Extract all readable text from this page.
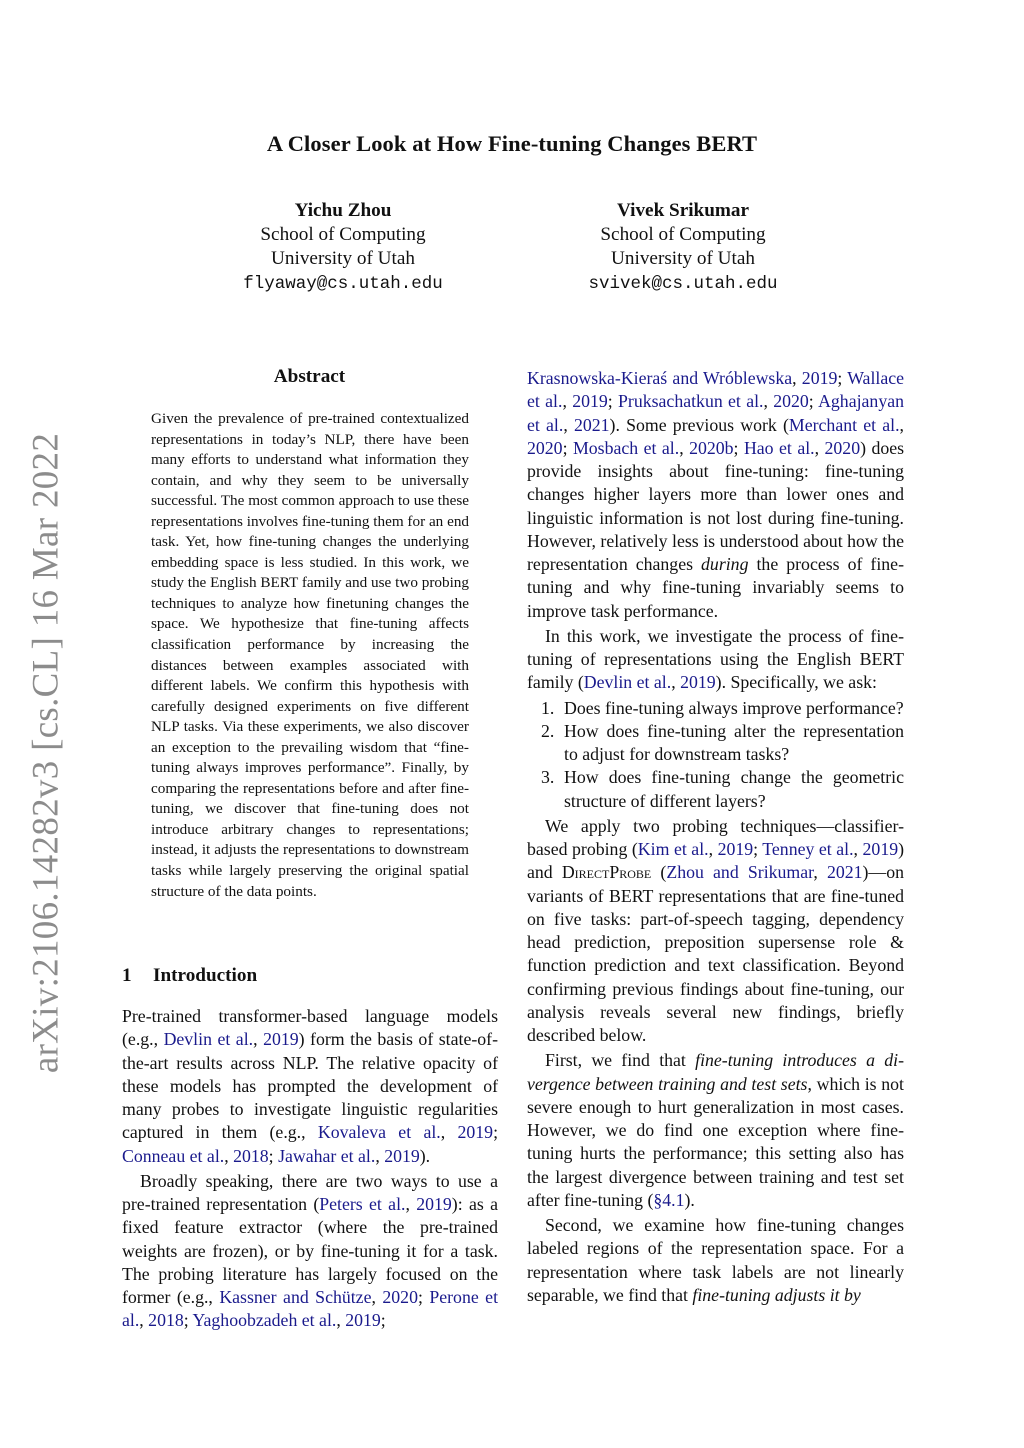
arXiv:2106.14282v3 [cs.CL] 16 Mar 2022
A Closer Look at How Fine-tuning Changes BERT
Yichu Zhou
School of Computing
University of Utah
flyaway@cs.utah.edu
Vivek Srikumar
School of Computing
University of Utah
svivek@cs.utah.edu
Abstract
Given the prevalence of pre-trained contextualized representations in today’s NLP, there have been many efforts to understand what information they contain, and why they seem to be universally successful. The most common approach to use these representations involves fine-tuning them for an end task. Yet, how fine-tuning changes the underlying embedding space is less studied. In this work, we study the English BERT family and use two probing techniques to analyze how finetuning changes the space. We hypothesize that fine-tuning affects classification performance by increasing the distances between examples associated with different labels. We confirm this hypothesis with carefully designed experiments on five different NLP tasks. Via these experiments, we also discover an exception to the prevailing wisdom that “fine-tuning always improves performance”. Finally, by comparing the representations before and after finetuning, we discover that fine-tuning does not introduce arbitrary changes to representations; instead, it adjusts the representations to downstream tasks while largely preserving the original spatial structure of the data points.
1 Introduction

Pre-trained transformer-based language models (e.g., Devlin et al., 2019) form the basis of state-of-the-art results across NLP. The relative opacity of these models has prompted the development of many probes to investigate linguistic regularities captured in them (e.g., Kovaleva et al., 2019; Conneau et al., 2018; Jawahar et al., 2019).

Broadly speaking, there are two ways to use a pre-trained representation (Peters et al., 2019): as a fixed feature extractor (where the pre-trained weights are frozen), or by fine-tuning it for a task. The probing literature has largely focused on the former (e.g., Kassner and Schütze, 2020; Perone et al., 2018; Yaghoobzadeh et al., 2019;

Krasnowska-Kieraś and Wróblewska, 2019; Wallace et al., 2019; Pruksachatkun et al., 2020; Aghajanyan et al., 2021). Some previous work (Merchant et al., 2020; Mosbach et al., 2020b; Hao et al., 2020) does provide insights about fine-tuning: fine-tuning changes higher layers more than lower ones and linguistic information is not lost during fine-tuning. However, relatively less is understood about how the representation changes during the process of fine-tuning and why fine-tuning invariably seems to improve task performance.

In this work, we investigate the process of finetuning of representations using the English BERT family (Devlin et al., 2019). Specifically, we ask:

1. Does fine-tuning always improve performance?
2. How does fine-tuning alter the representation to adjust for downstream tasks?
3. How does fine-tuning change the geometric structure of different layers?

We apply two probing techniques—classifier-based probing (Kim et al., 2019; Tenney et al., 2019) and DirectProbe (Zhou and Srikumar, 2021)—on variants of BERT representations that are fine-tuned on five tasks: part-of-speech tagging, dependency head prediction, preposition supersense role & function prediction and text classification. Beyond confirming previous findings about fine-tuning, our analysis reveals several new findings, briefly described below.

First, we find that fine-tuning introduces a divergence between training and test sets, which is not severe enough to hurt generalization in most cases. However, we do find one exception where fine-tuning hurts the performance; this setting also has the largest divergence between training and test set after fine-tuning (§4.1).

Second, we examine how fine-tuning changes labeled regions of the representation space. For a representation where task labels are not linearly separable, we find that fine-tuning adjusts it by
